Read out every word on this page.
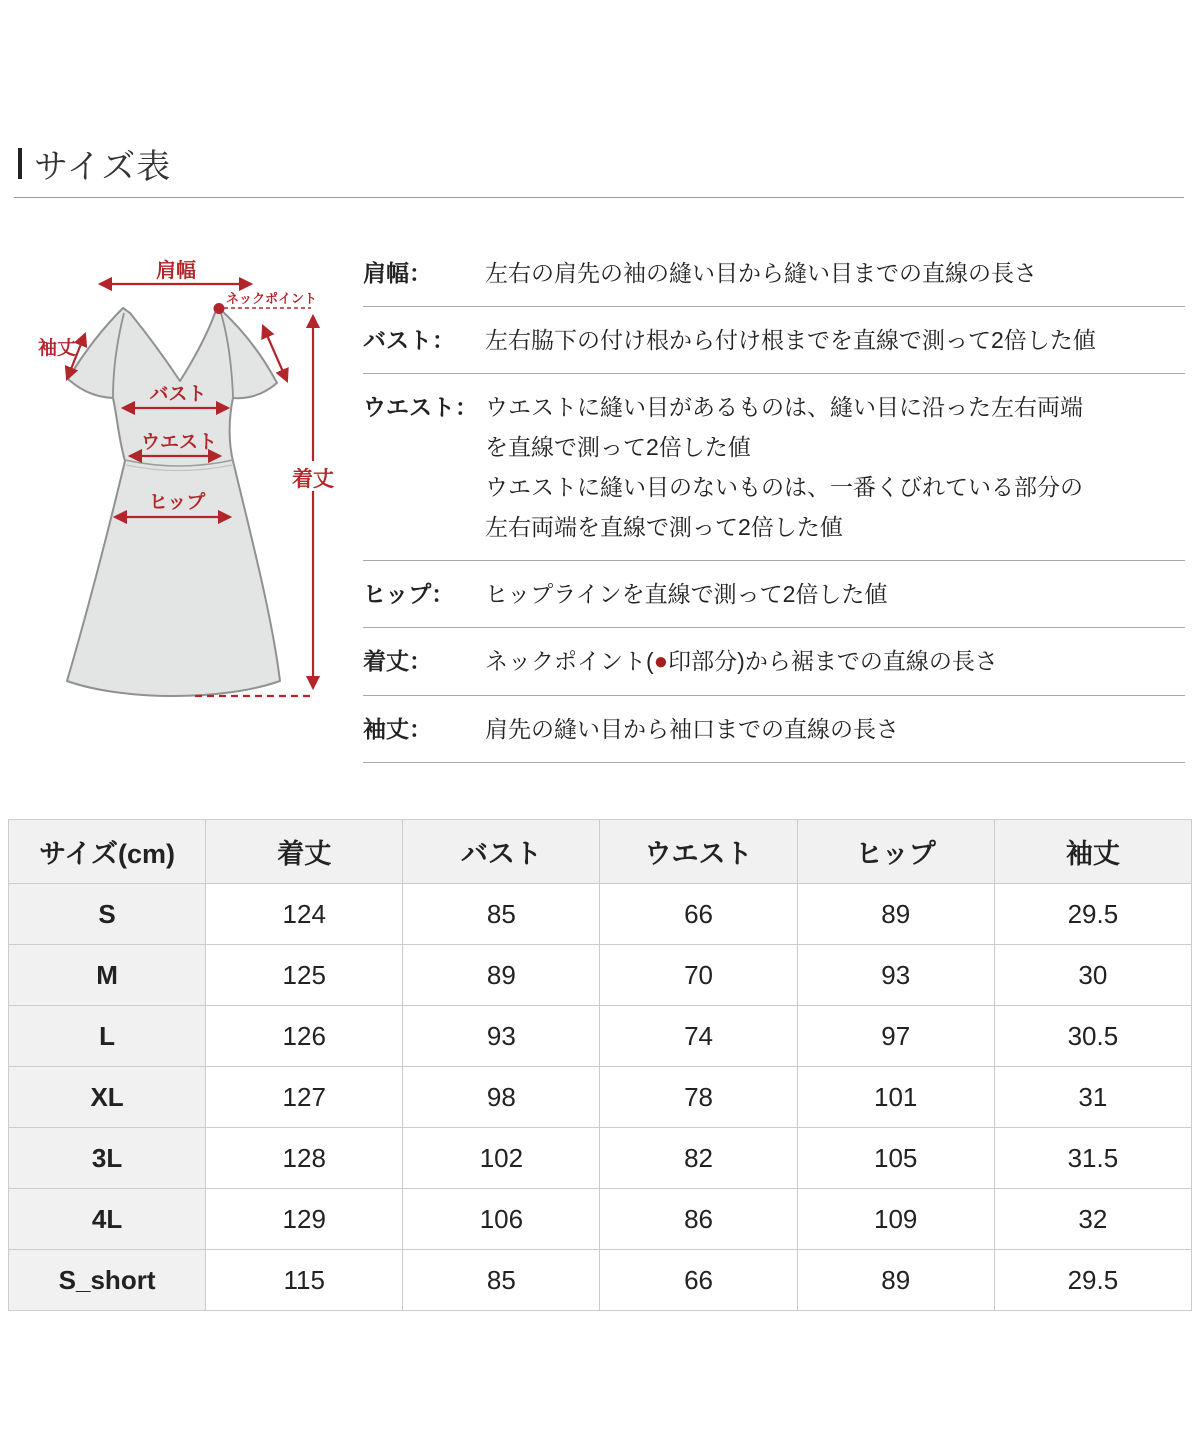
サイズ表
肩幅
ネックポイント
袖丈
バスト
ウエスト
ヒップ
着丈
肩幅：	左右の肩先の袖の縫い目から縫い目までの直線の長さ
バスト：	左右脇下の付け根から付け根までを直線で測って2倍した値
ウエスト： ウエストに縫い目があるものは、縫い目に沿った左右両端
を直線で測って2倍した値
ウエストに縫い目のないものは、一番くびれている部分の
左右両端を直線で測って2倍した値
ヒップ：	ヒップラインを直線で測って2倍した値
着丈：	ネックポイント(●印部分)から裾までの直線の長さ
袖丈：	肩先の縫い目から袖口までの直線の長さ
サイズ(cm)	着丈	バスト	ウエスト	ヒップ	袖丈
S	124	85	66	89	29.5
M	125	89	70	93	30
L	126	93	74	97	30.5
XL	127	98	78	101	31
3L	128	102	82	105	31.5
4L	129	106	86	109	32
S_short	115	85	66	89	29.5
